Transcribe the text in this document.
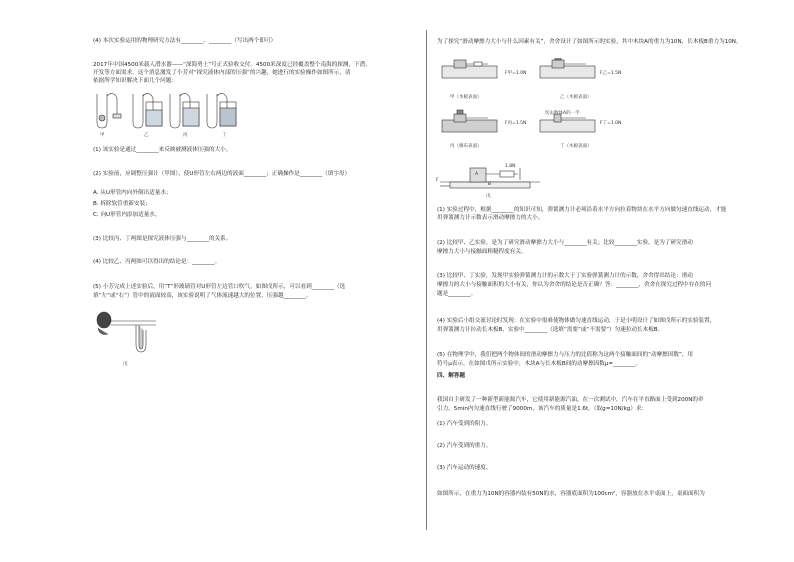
(4) 本次实验运用的物理研究方法有________、________（写出两个即可）
2017年中国4500米载人潜水器——“深海勇士”号正式验收交付。4500米深度已经覆盖整个南海的探测，下潜、
开发等方面需求。这个消息激发了小芳对“探究液体内部的压强”的兴趣，她进行的实验操作如图所示，请
依据所学知识解决下面几个问题：
甲	乙	丙	丁
(1) 该实验是通过________来反映被测液体压强的大小。
(2) 实验前，应调整压强计（甲图），使U形管左右两边的液面________；正确操作是________（填字母）
A. 从U形管内向外倒出适量水；
B. 拆除软管重新安装；
C. 向U形管内添加适量水。
(3) 比较丙、丁两图是探究液体压强与________的关系。
(4) 比较乙、丙两图可以得出的结论是：________。
(5) 小芳完成上述实验后，用“T”形玻璃管对U形管左边管口吹气，如图戊所示，可以看到________（选
填“左”或“右”）管中的液面较高，该实验说明了气体流速越大的位置，压强越________。
戊
为了探究“滑动摩擦力大小与什么因素有关”，舍舍设计了如图所示的实验，其中木块A的重力为10N，长木板B重力为10N。
F甲=1.0N	F乙=1.5N
F丙=1.5N	F丁=1.0N
甲（木板表面）	乙（木板表面）
切去物体A的一半
丙（棉布表面）	丁（木板表面）
A
B
F
1.8N
戊
(1) 实验过程中，根据________的知识可知，弹簧测力计必须沿着水平方向拉着物块在水平方向做匀速直线运动，才能
用弹簧测力计示数表示滑动摩擦力的大小。
(2) 比较甲、乙实验，是为了研究滑动摩擦力大小与________有关；比较________实验，是为了研究滑动
摩擦力大小与接触面粗糙程度有关。
(3) 比较甲、丁实验，发现甲实验弹簧测力计的示数大于丁实验弹簧测力计的示数，舍舍得出结论：滑动
摩擦力的大小与接触面积的大小有关，你认为舍舍的结论是否正确？答：________，舍舍在探究过程中存在的问
题是________。
(4) 实验后小组交流讨论时发现：在实验中很难使物体做匀速直线运动，于是小明设计了如图戊所示的实验装置，
用弹簧测力计拉动长木板B，实验中________（选填“需要”或“不需要”）匀速拉动长木板B。
(5) 在物理学中，我们把两个物体间的滑动摩擦力与压力的比值称为这两个接触面间的“动摩擦因数”，用
符号μ表示。在如图戊所示实验中，木块A与长木板B间的动摩擦因数μ=________。
四、解答题
我国自主研发了一种新型新能源汽车，它使用新能源汽油，在一次测试中，汽车在平直路面上受到200N的牵
引力，5min内匀速直线行驶了9000m，该汽车的质量是1.6t。（取g=10N/kg）求：
(1) 汽车受到的阻力。
(2) 汽车受到的重力。
(3) 汽车运动的速度。
如图所示，在重力为10N的容器内装有50N的水，容器底面积为100cm²，容器放在水平桌面上，桌面面积为
